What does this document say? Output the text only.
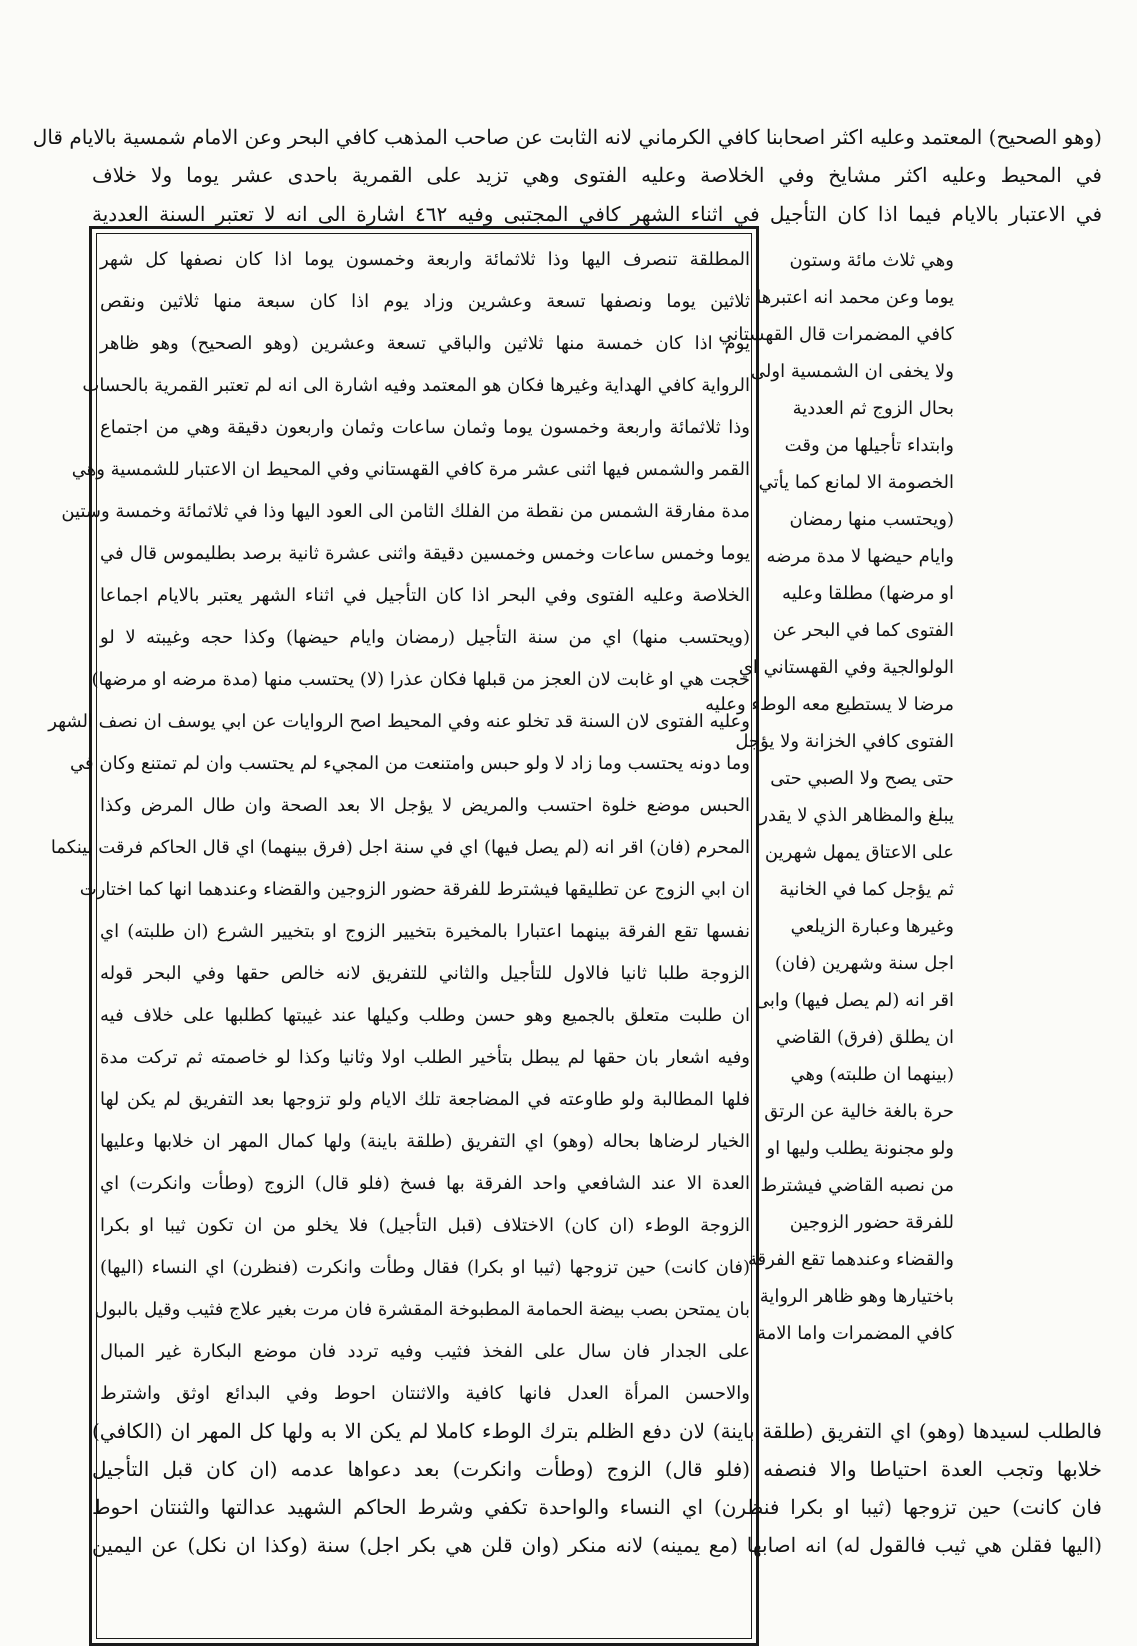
(وهو الصحيح) المعتمد وعليه اكثر اصحابنا كافي الكرماني لانه الثابت عن صاحب المذهب كافي البحر وعن الامام شمسية بالايام قال
في المحيط وعليه اكثر مشايخ وفي الخلاصة وعليه الفتوى وهي تزيد على القمرية باحدى عشر يوما ولا خلاف
في الاعتبار بالايام فيما اذا كان التأجيل في اثناء الشهر كافي المجتبى وفيه ٤٦٢ اشارة الى انه لا تعتبر السنة العددية
المطلقة تنصرف اليها وذا ثلاثمائة واربعة وخمسون يوما اذا كان نصفها كل شهر
ثلاثين يوما ونصفها تسعة وعشرين وزاد يوم اذا كان سبعة منها ثلاثين ونقص
يوم اذا كان خمسة منها ثلاثين والباقي تسعة وعشرين (وهو الصحيح) وهو ظاهر
الرواية كافي الهداية وغيرها فكان هو المعتمد وفيه اشارة الى انه لم تعتبر القمرية بالحساب
وذا ثلاثمائة واربعة وخمسون يوما وثمان ساعات وثمان واربعون دقيقة وهي من اجتماع
القمر والشمس فيها اثنى عشر مرة كافي القهستاني وفي المحيط ان الاعتبار للشمسية وهي
مدة مفارقة الشمس من نقطة من الفلك الثامن الى العود اليها وذا في ثلاثمائة وخمسة وستين
يوما وخمس ساعات وخمس وخمسين دقيقة واثنى عشرة ثانية برصد بطليموس قال في
الخلاصة وعليه الفتوى وفي البحر اذا كان التأجيل في اثناء الشهر يعتبر بالايام اجماعا
(ويحتسب منها) اي من سنة التأجيل (رمضان وايام حيضها) وكذا حجه وغيبته لا لو
حجت هي او غابت لان العجز من قبلها فكان عذرا (لا) يحتسب منها (مدة مرضه او مرضها)
وعليه الفتوى لان السنة قد تخلو عنه وفي المحيط اصح الروايات عن ابي يوسف ان نصف الشهر
وما دونه يحتسب وما زاد لا ولو حبس وامتنعت من المجيء لم يحتسب وان لم تمتنع وكان في
الحبس موضع خلوة احتسب والمريض لا يؤجل الا بعد الصحة وان طال المرض وكذا
المحرم (فان) اقر انه (لم يصل فيها) اي في سنة اجل (فرق بينهما) اي قال الحاكم فرقت بينكما
ان ابي الزوج عن تطليقها فيشترط للفرقة حضور الزوجين والقضاء وعندهما انها كما اختارت
نفسها تقع الفرقة بينهما اعتبارا بالمخيرة بتخيير الزوج او بتخيير الشرع (ان طلبته) اي
الزوجة طلبا ثانيا فالاول للتأجيل والثاني للتفريق لانه خالص حقها وفي البحر قوله
ان طلبت متعلق بالجميع وهو حسن وطلب وكيلها عند غيبتها كطلبها على خلاف فيه
وفيه اشعار بان حقها لم يبطل بتأخير الطلب اولا وثانيا وكذا لو خاصمته ثم تركت مدة
فلها المطالبة ولو طاوعته في المضاجعة تلك الايام ولو تزوجها بعد التفريق لم يكن لها
الخيار لرضاها بحاله (وهو) اي التفريق (طلقة باينة) ولها كمال المهر ان خلابها وعليها
العدة الا عند الشافعي واحد الفرقة بها فسخ (فلو قال) الزوج (وطأت وانكرت) اي
الزوجة الوطء (ان كان) الاختلاف (قبل التأجيل) فلا يخلو من ان تكون ثيبا او بكرا
(فان كانت) حين تزوجها (ثيبا او بكرا) فقال وطأت وانكرت (فنظرن) اي النساء (اليها)
بان يمتحن بصب بيضة الحمامة المطبوخة المقشرة فان مرت بغير علاج فثيب وقيل بالبول
على الجدار فان سال على الفخذ فثيب وفيه تردد فان موضع البكارة غير المبال
والاحسن المرأة العدل فانها كافية والاثنتان احوط وفي البدائع اوثق واشترط
وهي ثلاث مائة وستون
يوما وعن محمد انه اعتبرها
كافي المضمرات قال القهستاني
ولا يخفى ان الشمسية اولى
بحال الزوج ثم العددية
وابتداء تأجيلها من وقت
الخصومة الا لمانع كما يأتي
(ويحتسب منها رمضان
وايام حيضها لا مدة مرضه
او مرضها) مطلقا وعليه
الفتوى كما في البحر عن
الولوالجية وفي القهستاني اي
مرضا لا يستطيع معه الوطء وعليه
الفتوى كافي الخزانة ولا يؤجل
حتى يصح ولا الصبي حتى
يبلغ والمظاهر الذي لا يقدر
على الاعتاق يمهل شهرين
ثم يؤجل كما في الخانية
وغيرها وعبارة الزيلعي
اجل سنة وشهرين (فان)
اقر انه (لم يصل فيها) وابى
ان يطلق (فرق) القاضي
(بينهما ان طلبته) وهي
حرة بالغة خالية عن الرتق
ولو مجنونة يطلب وليها او
من نصبه القاضي فيشترط
للفرقة حضور الزوجين
والقضاء وعندهما تقع الفرقة
باختيارها وهو ظاهر الرواية
كافي المضمرات واما الامة
فالطلب لسيدها (وهو) اي التفريق (طلقة باينة) لان دفع الظلم بترك الوطء كاملا لم يكن الا به ولها كل المهر ان (الكافي)
خلابها وتجب العدة احتياطا والا فنصفه (فلو قال) الزوج (وطأت وانكرت) بعد دعواها عدمه (ان كان قبل التأجيل
فان كانت) حين تزوجها (ثيبا او بكرا فنظرن) اي النساء والواحدة تكفي وشرط الحاكم الشهيد عدالتها والثنتان احوط
(اليها فقلن هي ثيب فالقول له) انه اصابها (مع يمينه) لانه منكر (وان قلن هي بكر اجل) سنة (وكذا ان نكل) عن اليمين
